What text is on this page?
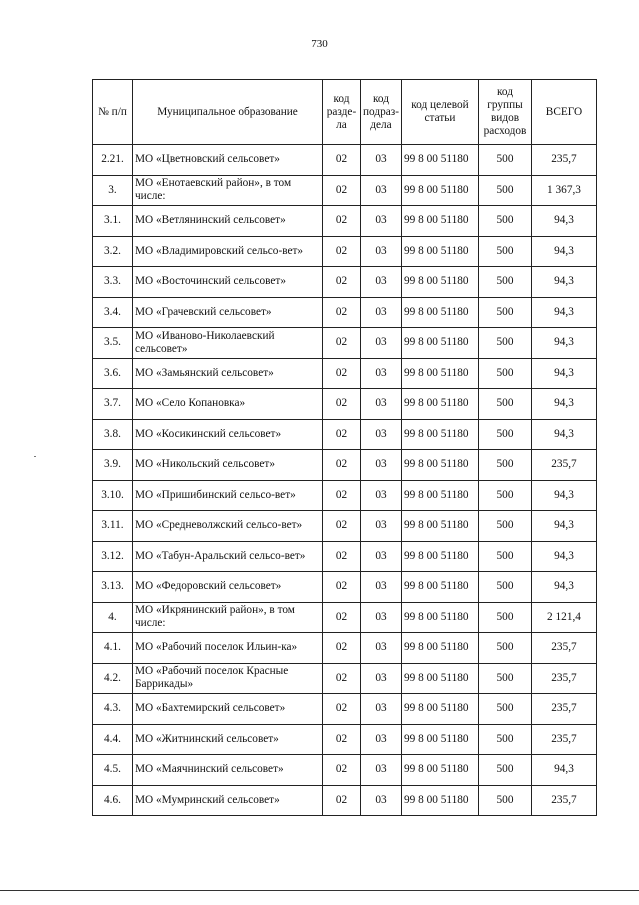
730
№ п/п	Муниципальное образование	код разде-ла	код подраз-дела	код целевой статьи	код группы видов расходов	ВСЕГО
2.21.	МО «Цветновский сельсовет»	02	03	99 8 00 51180	500	235,7
3.	МО «Енотаевский район», в том числе:	02	03	99 8 00 51180	500	1 367,3
3.1.	МО «Ветлянинский сельсовет»	02	03	99 8 00 51180	500	94,3
3.2.	МО «Владимировский сельсо-вет»	02	03	99 8 00 51180	500	94,3
3.3.	МО «Восточинский сельсовет»	02	03	99 8 00 51180	500	94,3
3.4.	МО «Грачевский сельсовет»	02	03	99 8 00 51180	500	94,3
3.5.	МО «Иваново-Николаевский сельсовет»	02	03	99 8 00 51180	500	94,3
3.6.	МО «Замьянский сельсовет»	02	03	99 8 00 51180	500	94,3
3.7.	МО «Село Копановка»	02	03	99 8 00 51180	500	94,3
3.8.	МО «Косикинский сельсовет»	02	03	99 8 00 51180	500	94,3
3.9.	МО «Никольский сельсовет»	02	03	99 8 00 51180	500	235,7
3.10.	МО «Пришибинский сельсо-вет»	02	03	99 8 00 51180	500	94,3
3.11.	МО «Средневолжский сельсо-вет»	02	03	99 8 00 51180	500	94,3
3.12.	МО «Табун-Аральский сельсо-вет»	02	03	99 8 00 51180	500	94,3
3.13.	МО «Федоровский сельсовет»	02	03	99 8 00 51180	500	94,3
4.	МО «Икрянинский район», в том числе:	02	03	99 8 00 51180	500	2 121,4
4.1.	МО «Рабочий поселок Ильин-ка»	02	03	99 8 00 51180	500	235,7
4.2.	МО «Рабочий поселок Красные Баррикады»	02	03	99 8 00 51180	500	235,7
4.3.	МО «Бахтемирский сельсовет»	02	03	99 8 00 51180	500	235,7
4.4.	МО «Житнинский сельсовет»	02	03	99 8 00 51180	500	235,7
4.5.	МО «Маячнинский сельсовет»	02	03	99 8 00 51180	500	94,3
4.6.	МО «Мумринский сельсовет»	02	03	99 8 00 51180	500	235,7
